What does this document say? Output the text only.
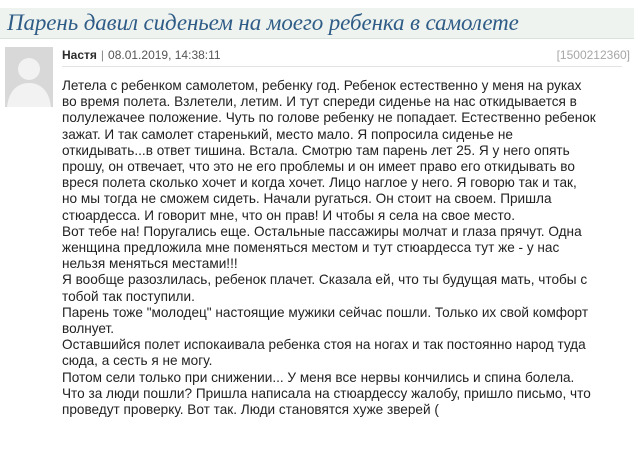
Парень давил сиденьем на моего ребенка в самолете
Настя | 08.01.2019, 14:38:11	[1500212360]

Летела с ребенком самолетом, ребенку год. Ребенок естественно у меня на руках

во время полета. Взлетели, летим. И тут спереди сиденье на нас откидывается в

полулежачее положение. Чуть по голове ребенку не попадает. Естественно ребенок

зажат. И так самолет старенький, место мало. Я попросила сиденье не

откидывать...в ответ тишина. Встала. Смотрю там парень лет 25. Я у него опять

прошу, он отвечает, что это не его проблемы и он имеет право его откидывать во

вреся полета сколько хочет и когда хочет. Лицо наглое у него. Я говорю так и так,

но мы тогда не сможем сидеть. Начали ругаться. Он стоит на своем. Пришла

стюардесса. И говорит мне, что он прав! И чтобы я села на свое место.

Вот тебе на! Поругались еще. Остальные пассажиры молчат и глаза прячут. Одна

женщина предложила мне поменяться местом и тут стюардесса тут же - у нас

нельзя меняться местами!!!

Я вообще разозлилась, ребенок плачет. Сказала ей, что ты будущая мать, чтобы с

тобой так поступили.

Парень тоже "молодец" настоящие мужики сейчас пошли. Только их свой комфорт

волнует.

Оставшийся полет испокаивала ребенка стоя на ногах и так постоянно народ туда

сюда, а сесть я не могу.

Потом сели только при снижении... У меня все нервы кончились и спина болела.

Что за люди пошли? Пришла написала на стюардессу жалобу, пришло письмо, что

проведут проверку. Вот так. Люди становятся хуже зверей (
